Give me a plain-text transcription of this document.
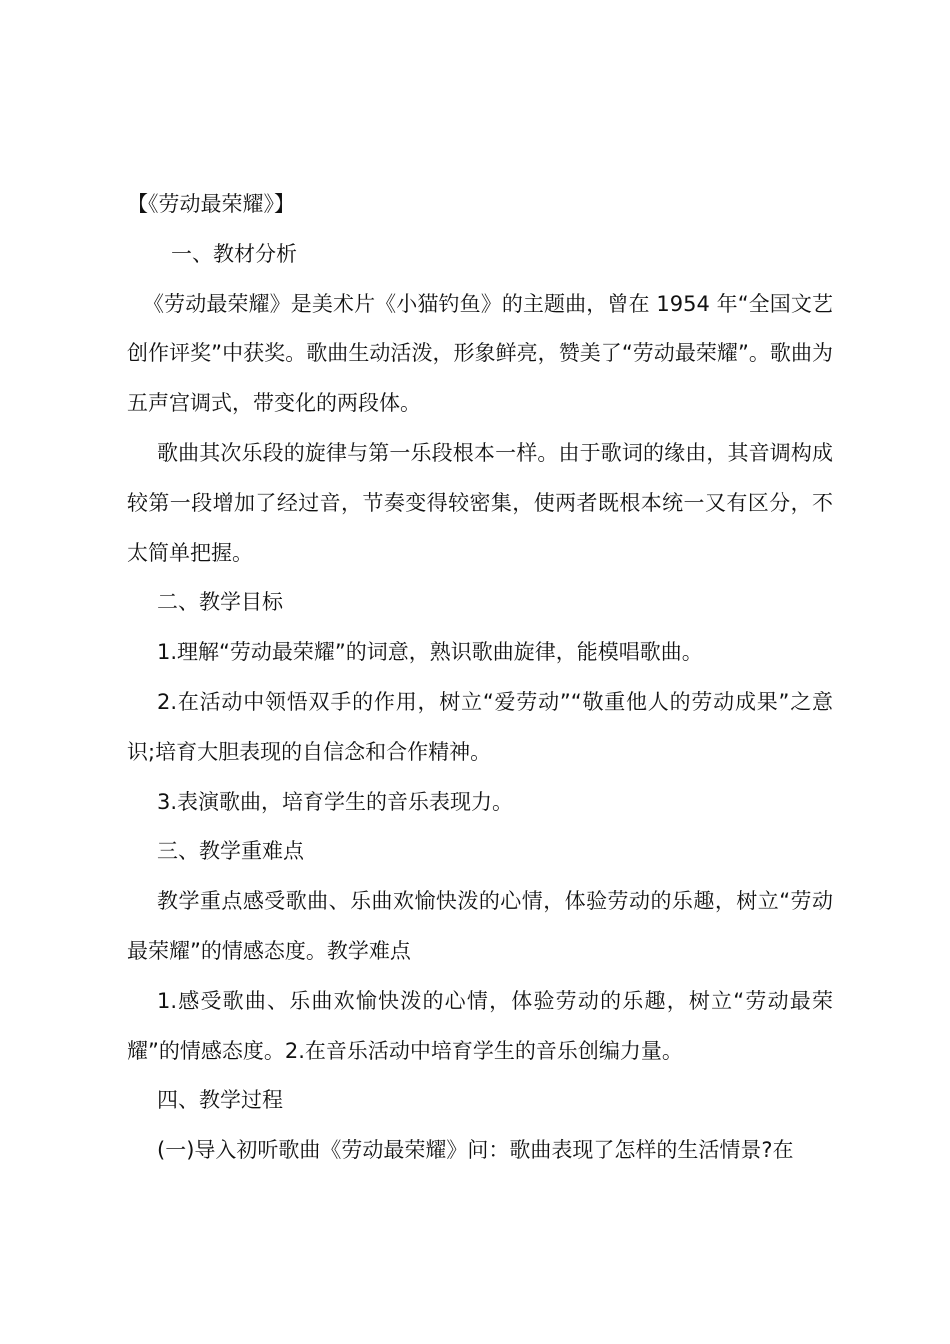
【《劳动最荣耀》】

一、教材分析

《劳动最荣耀》是美术片《小猫钓鱼》的主题曲，曾在 1954 年“全国文艺创作评奖”中获奖。歌曲生动活泼，形象鲜亮，赞美了“劳动最荣耀”。歌曲为五声宫调式，带变化的两段体。

歌曲其次乐段的旋律与第一乐段根本一样。由于歌词的缘由，其音调构成较第一段增加了经过音，节奏变得较密集，使两者既根本统一又有区分，不太简单把握。

二、教学目标

1.理解“劳动最荣耀”的词意，熟识歌曲旋律，能模唱歌曲。

2.在活动中领悟双手的作用，树立“爱劳动”“敬重他人的劳动成果”之意识;培育大胆表现的自信念和合作精神。

3.表演歌曲，培育学生的音乐表现力。

三、教学重难点

教学重点感受歌曲、乐曲欢愉快泼的心情，体验劳动的乐趣，树立“劳动最荣耀”的情感态度。教学难点

1.感受歌曲、乐曲欢愉快泼的心情，体验劳动的乐趣，树立“劳动最荣耀”的情感态度。2.在音乐活动中培育学生的音乐创编力量。

四、教学过程

(一)导入初听歌曲《劳动最荣耀》问：歌曲表现了怎样的生活情景?在
